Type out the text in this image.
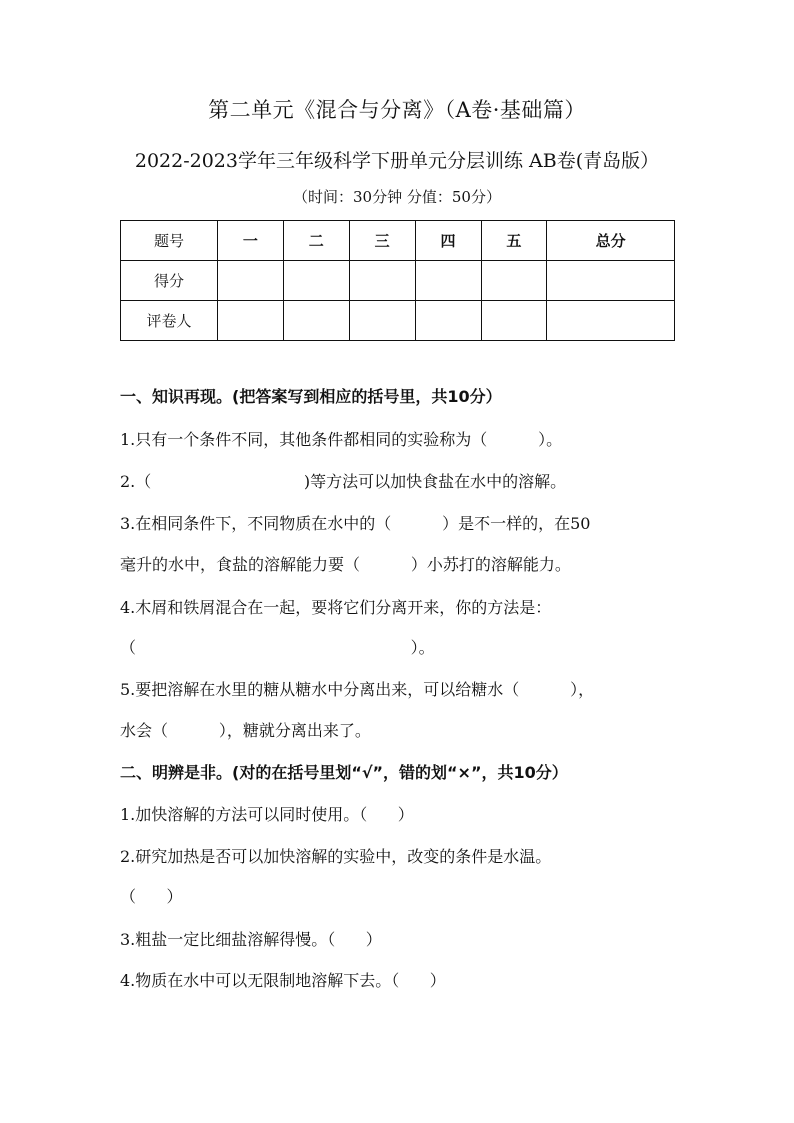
第二单元《混合与分离》（A卷·基础篇）
2022-2023学年三年级科学下册单元分层训练 AB卷(青岛版）
（时间：30分钟 分值：50分）
题号	一	二	三	四	五	总分
得分						
评卷人						
一、知识再现。(把答案写到相应的括号里，共10分）
1.只有一个条件不同，其他条件都相同的实验称为（          ）。
2.（                              )等方法可以加快食盐在水中的溶解。
3.在相同条件下，不同物质在水中的（          ）是不一样的，在50
毫升的水中，食盐的溶解能力要（          ）小苏打的溶解能力。
4.木屑和铁屑混合在一起，要将它们分离开来，你的方法是：
（                                                      ）。
5.要把溶解在水里的糖从糖水中分离出来，可以给糖水（          ），
水会（          ），糖就分离出来了。
二、明辨是非。(对的在括号里划“√”，错的划“×”，共10分）
1.加快溶解的方法可以同时使用。（      ）
2.研究加热是否可以加快溶解的实验中，改变的条件是水温。
（      ）
3.粗盐一定比细盐溶解得慢。（      ）
4.物质在水中可以无限制地溶解下去。（      ）
